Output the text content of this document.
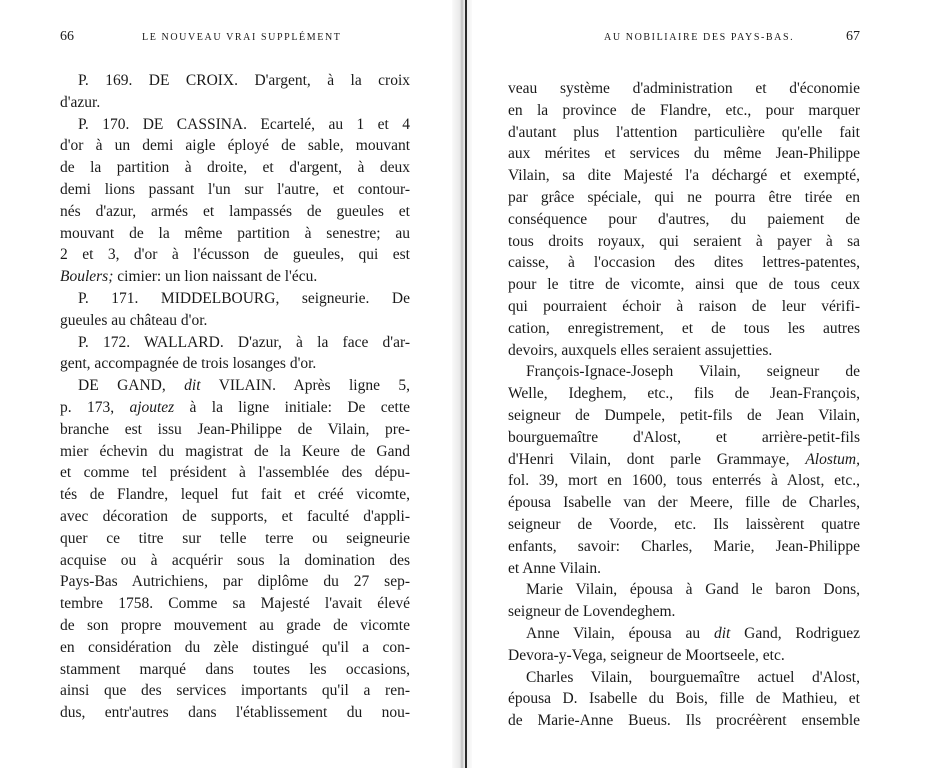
66	LE NOUVEAU VRAI SUPPLÉMENT
P. 169. DE CROIX. D'argent, à la croix
d'azur.
P. 170. DE CASSINA. Ecartelé, au 1 et 4
d'or à un demi aigle éployé de sable, mouvant
de la partition à droite, et d'argent, à deux
demi lions passant l'un sur l'autre, et contour-
nés d'azur, armés et lampassés de gueules et
mouvant de la même partition à senestre; au
2 et 3, d'or à l'écusson de gueules, qui est
Boulers; cimier: un lion naissant de l'écu.
P. 171. MIDDELBOURG, seigneurie. De
gueules au château d'or.
P. 172. WALLARD. D'azur, à la face d'ar-
gent, accompagnée de trois losanges d'or.
DE GAND, dit VILAIN. Après ligne 5,
p. 173, ajoutez à la ligne initiale: De cette
branche est issu Jean-Philippe de Vilain, pre-
mier échevin du magistrat de la Keure de Gand
et comme tel président à l'assemblée des dépu-
tés de Flandre, lequel fut fait et créé vicomte,
avec décoration de supports, et faculté d'appli-
quer ce titre sur telle terre ou seigneurie
acquise ou à acquérir sous la domination des
Pays-Bas Autrichiens, par diplôme du 27 sep-
tembre 1758. Comme sa Majesté l'avait élevé
de son propre mouvement au grade de vicomte
en considération du zèle distingué qu'il a con-
stamment marqué dans toutes les occasions,
ainsi que des services importants qu'il a ren-
dus, entr'autres dans l'établissement du nou-
AU NOBILIAIRE DES PAYS-BAS.	67
veau système d'administration et d'économie
en la province de Flandre, etc., pour marquer
d'autant plus l'attention particulière qu'elle fait
aux mérites et services du même Jean-Philippe
Vilain, sa dite Majesté l'a déchargé et exempté,
par grâce spéciale, qui ne pourra être tirée en
conséquence pour d'autres, du paiement de
tous droits royaux, qui seraient à payer à sa
caisse, à l'occasion des dites lettres-patentes,
pour le titre de vicomte, ainsi que de tous ceux
qui pourraient échoir à raison de leur vérifi-
cation, enregistrement, et de tous les autres
devoirs, auxquels elles seraient assujetties.
François-Ignace-Joseph Vilain, seigneur de
Welle, Ideghem, etc., fils de Jean-François,
seigneur de Dumpele, petit-fils de Jean Vilain,
bourguemaître d'Alost, et arrière-petit-fils
d'Henri Vilain, dont parle Grammaye, Alostum,
fol. 39, mort en 1600, tous enterrés à Alost, etc.,
épousa Isabelle van der Meere, fille de Charles,
seigneur de Voorde, etc. Ils laissèrent quatre
enfants, savoir: Charles, Marie, Jean-Philippe
et Anne Vilain.
Marie Vilain, épousa à Gand le baron Dons,
seigneur de Lovendeghem.
Anne Vilain, épousa au dit Gand, Rodriguez
Devora-y-Vega, seigneur de Moortseele, etc.
Charles Vilain, bourguemaître actuel d'Alost,
épousa D. Isabelle du Bois, fille de Mathieu, et
de Marie-Anne Bueus. Ils procréèrent ensemble
